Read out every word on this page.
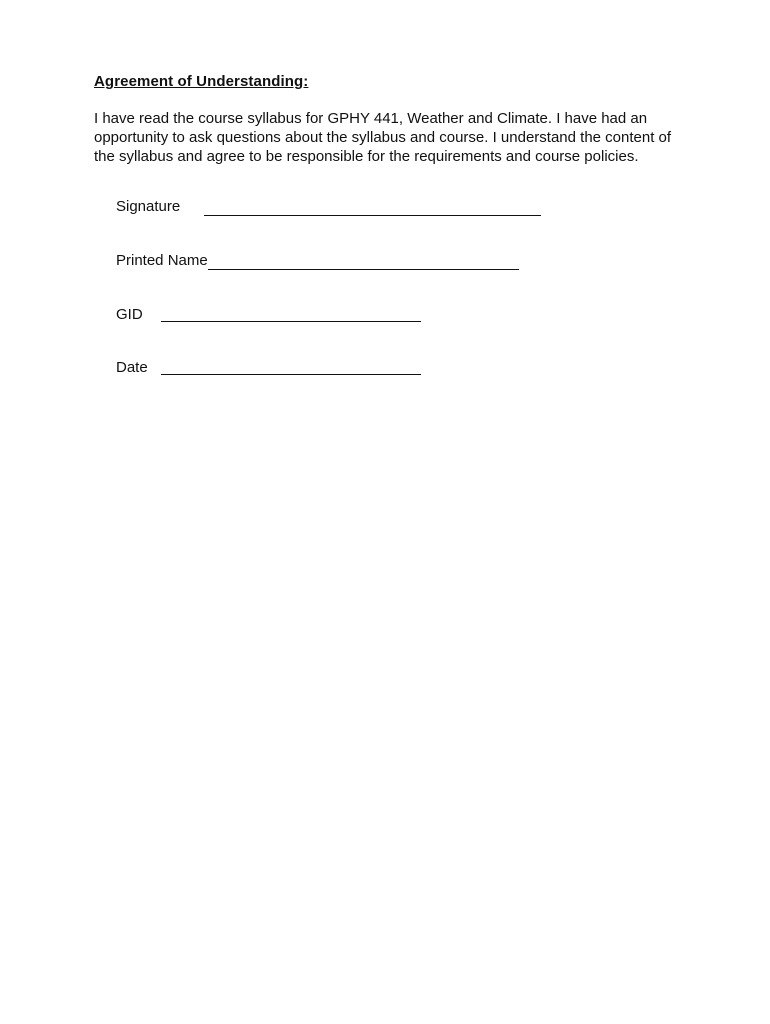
Agreement of Understanding:
I have read the course syllabus for GPHY 441, Weather and Climate. I have had an
opportunity to ask questions about the syllabus and course. I understand the content of
the syllabus and agree to be responsible for the requirements and course policies.
Signature
Printed Name
GID
Date
